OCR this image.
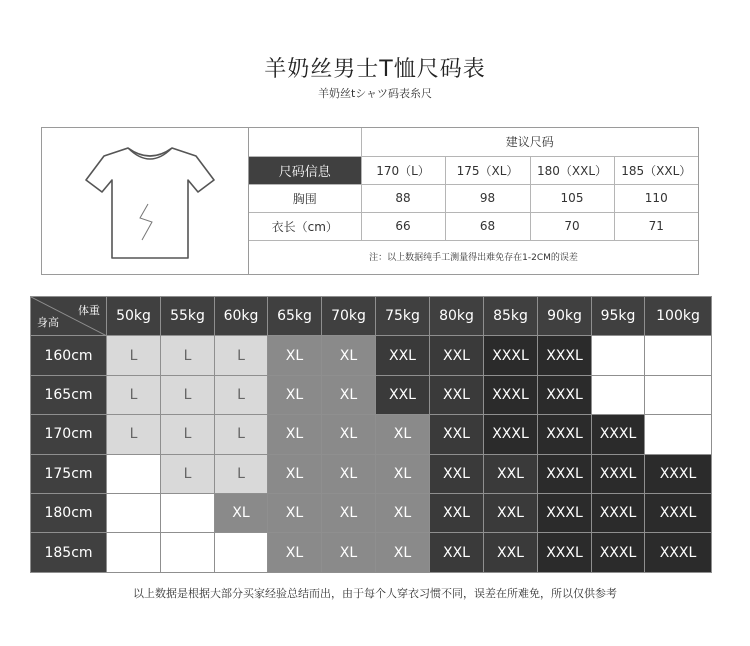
羊奶丝男士T恤尺码表
羊奶丝tシャツ码表糸尺
	建议尺码			
尺码信息	170（L）	175（XL）	180（XXL）	185（XXL）
胸围	88	98	105	110
衣长（cm）	66	68	70	71
注：以上数据纯手工测量得出难免存在1-2CM的误差				
体重
身高	50kg	55kg	60kg	65kg	70kg	75kg	80kg	85kg	90kg	95kg	100kg
160cm	L	L	L	XL	XL	XXL	XXL	XXXL	XXXL		
165cm	L	L	L	XL	XL	XXL	XXL	XXXL	XXXL		
170cm	L	L	L	XL	XL	XL	XXL	XXXL	XXXL	XXXL	
175cm		L	L	XL	XL	XL	XXL	XXL	XXXL	XXXL	XXXL
180cm			XL	XL	XL	XL	XXL	XXL	XXXL	XXXL	XXXL
185cm				XL	XL	XL	XXL	XXL	XXXL	XXXL	XXXL
以上数据是根据大部分买家经验总结而出，由于每个人穿衣习惯不同，误差在所难免，所以仅供参考
